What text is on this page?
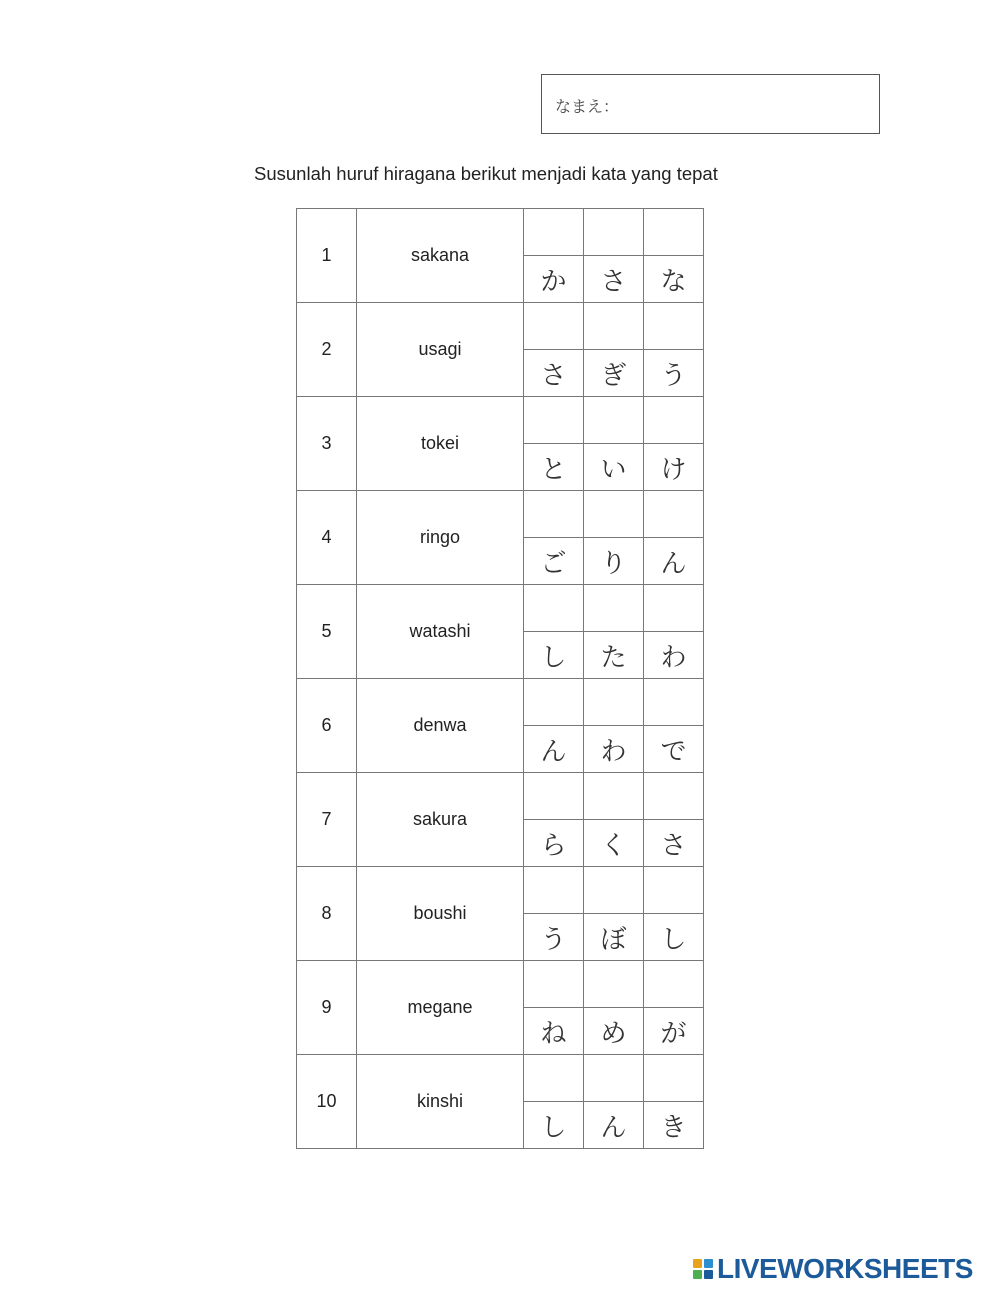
なまえ：
Susunlah huruf hiragana berikut menjadi kata yang tepat
1	sakana			
		か	さ	な
2	usagi			
		さ	ぎ	う
3	tokei			
		と	い	け
4	ringo			
		ご	り	ん
5	watashi			
		し	た	わ
6	denwa			
		ん	わ	で
7	sakura			
		ら	く	さ
8	boushi			
		う	ぼ	し
9	megane			
		ね	め	が
10	kinshi			
		し	ん	き
LIVEWORKSHEETS
